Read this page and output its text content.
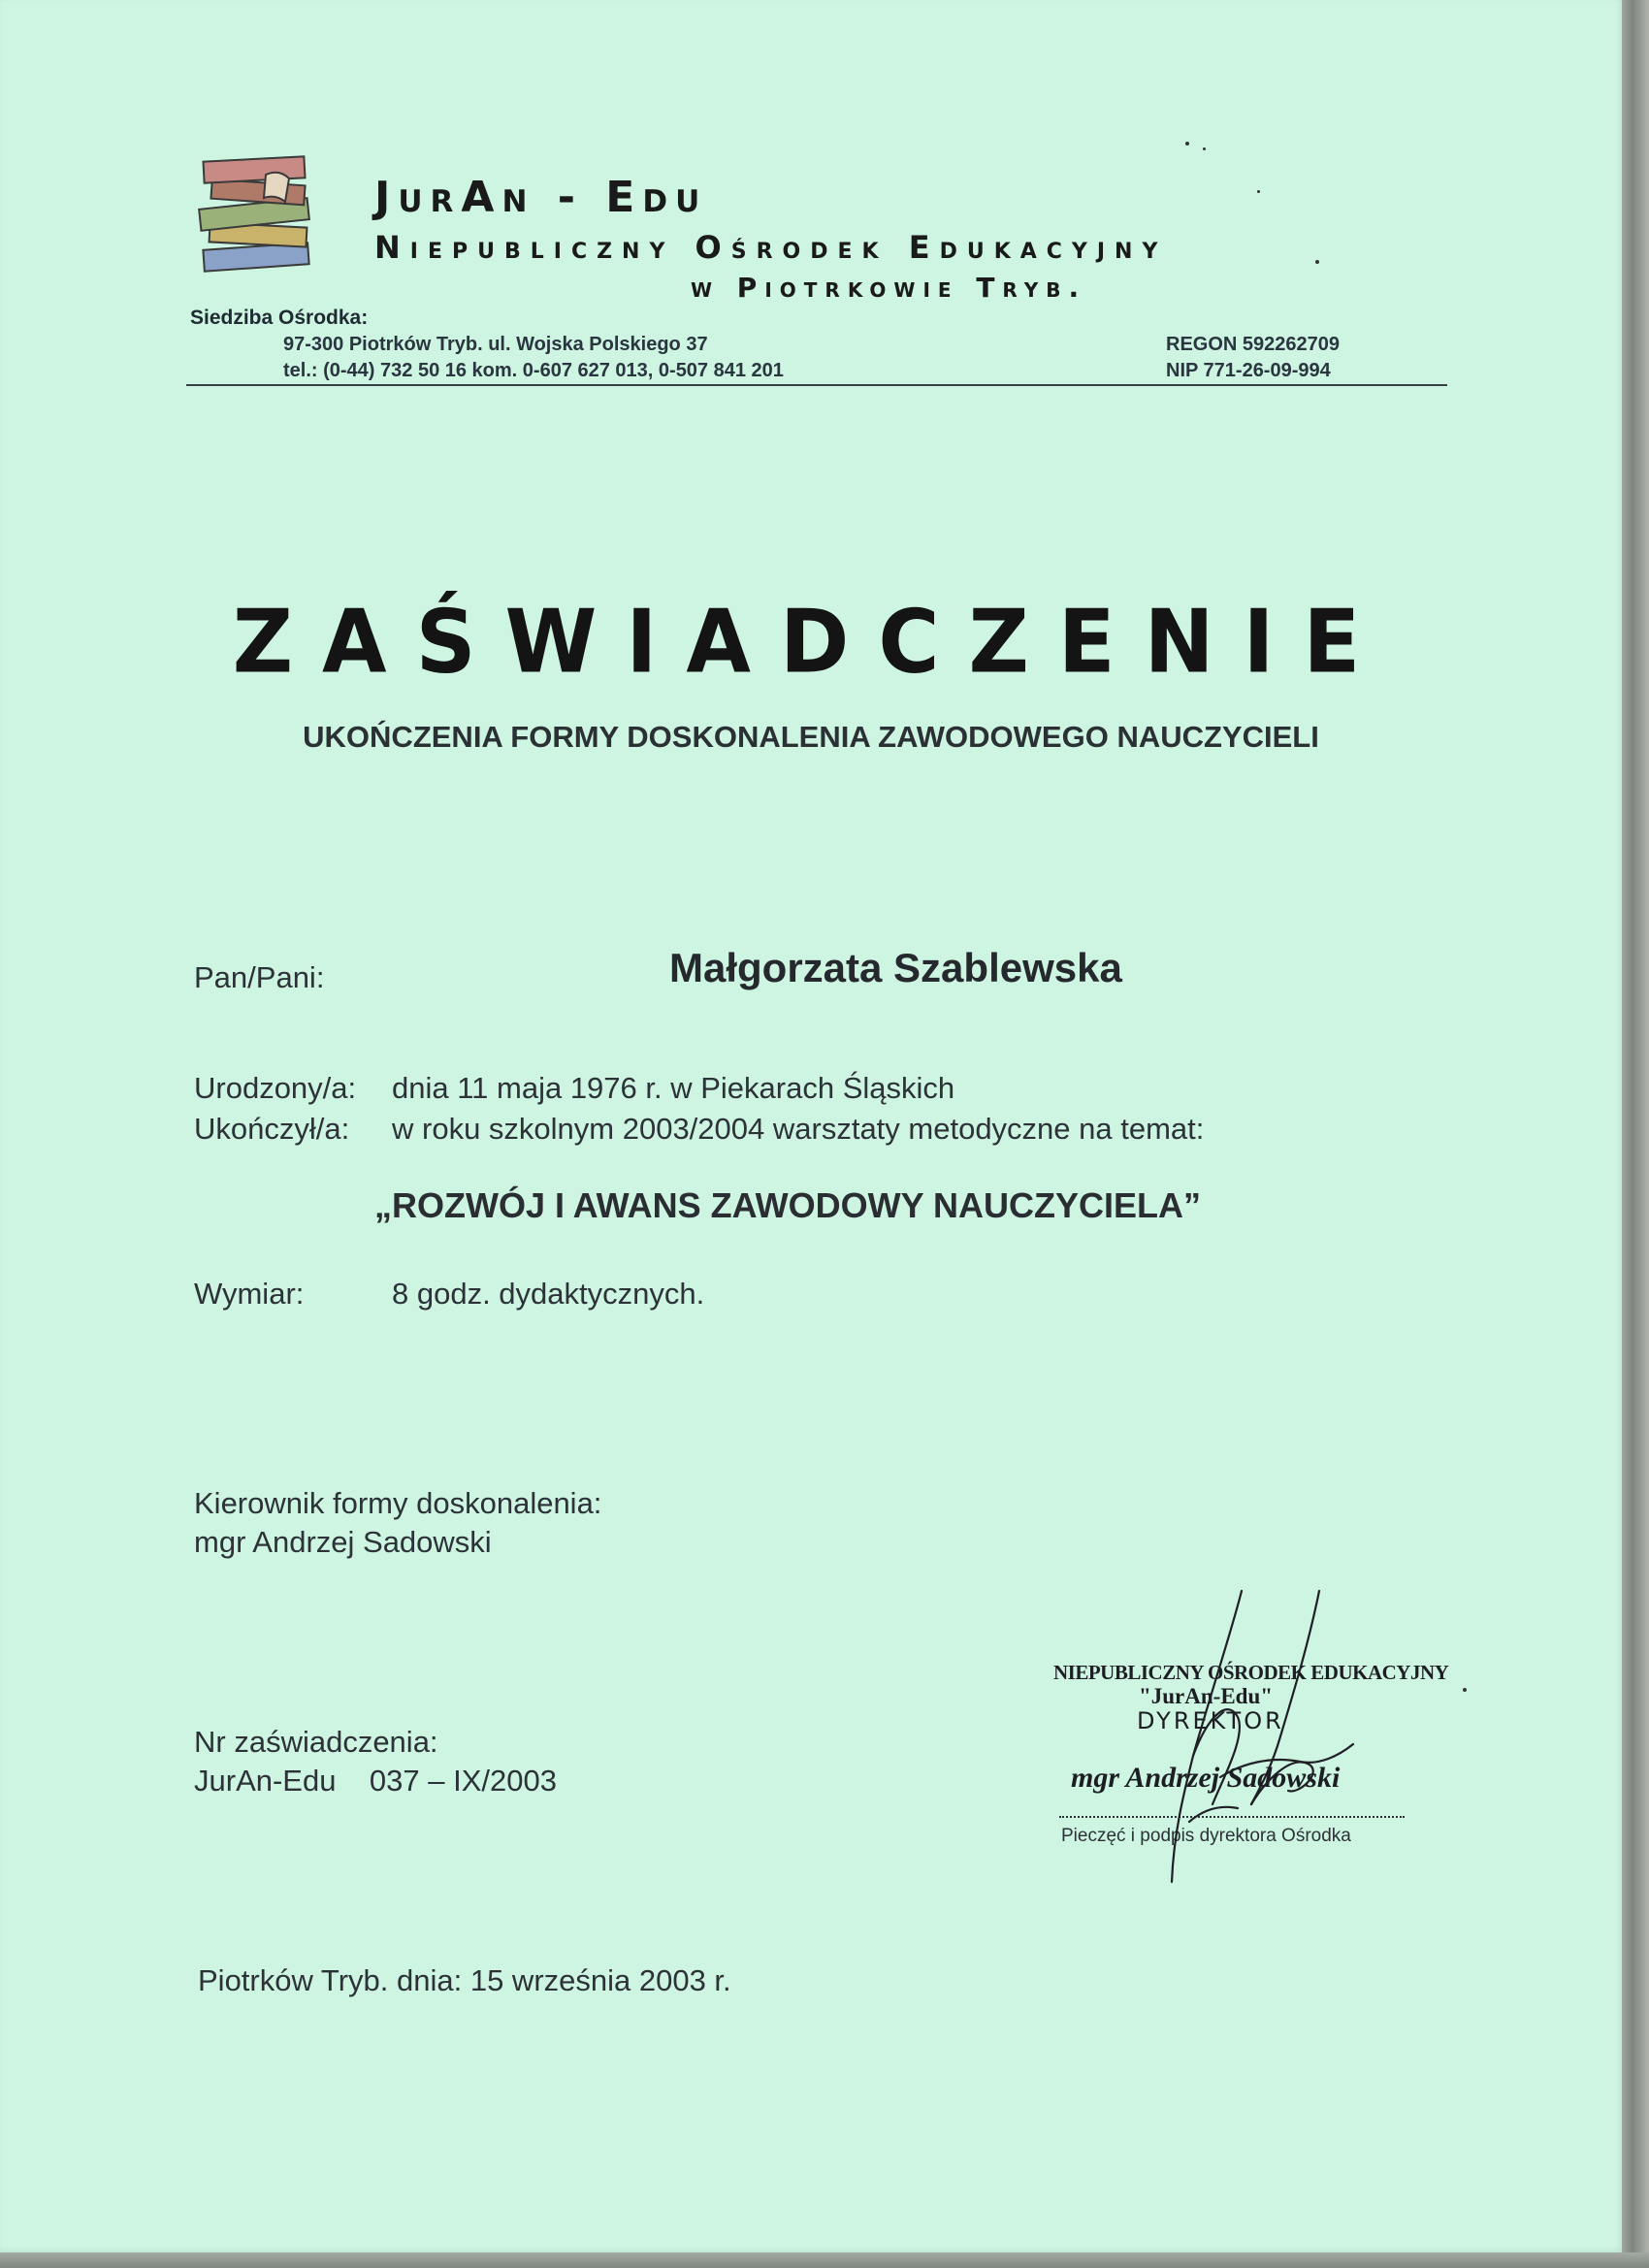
JurAn - Edu
Niepubliczny Ośrodek Edukacyjny
w Piotrkowie Tryb.
Siedziba Ośrodka:
97-300 Piotrków Tryb. ul. Wojska Polskiego 37
tel.: (0-44) 732 50 16 kom. 0-607 627 013, 0-507 841 201
REGON 592262709
NIP 771-26-09-994
ZAŚWIADCZENIE
UKOŃCZENIA FORMY DOSKONALENIA ZAWODOWEGO NAUCZYCIELI
Pan/Pani:	Małgorzata Szablewska
Urodzony/a: dnia 11 maja 1976 r. w Piekarach Śląskich
Ukończył/a: w roku szkolnym 2003/2004 warsztaty metodyczne na temat:
„ROZWÓJ I AWANS ZAWODOWY NAUCZYCIELA”
Wymiar:	8 godz. dydaktycznych.
Kierownik formy doskonalenia:
mgr Andrzej Sadowski
Nr zaświadczenia:
JurAn-Edu    037 – IX/2003
Piotrków Tryb. dnia: 15 września 2003 r.
NIEPUBLICZNY OŚRODEK EDUKACYJNY
"JurAn-Edu"
DYREKTOR
mgr Andrzej Sadowski
Pieczęć i podpis dyrektora Ośrodka
